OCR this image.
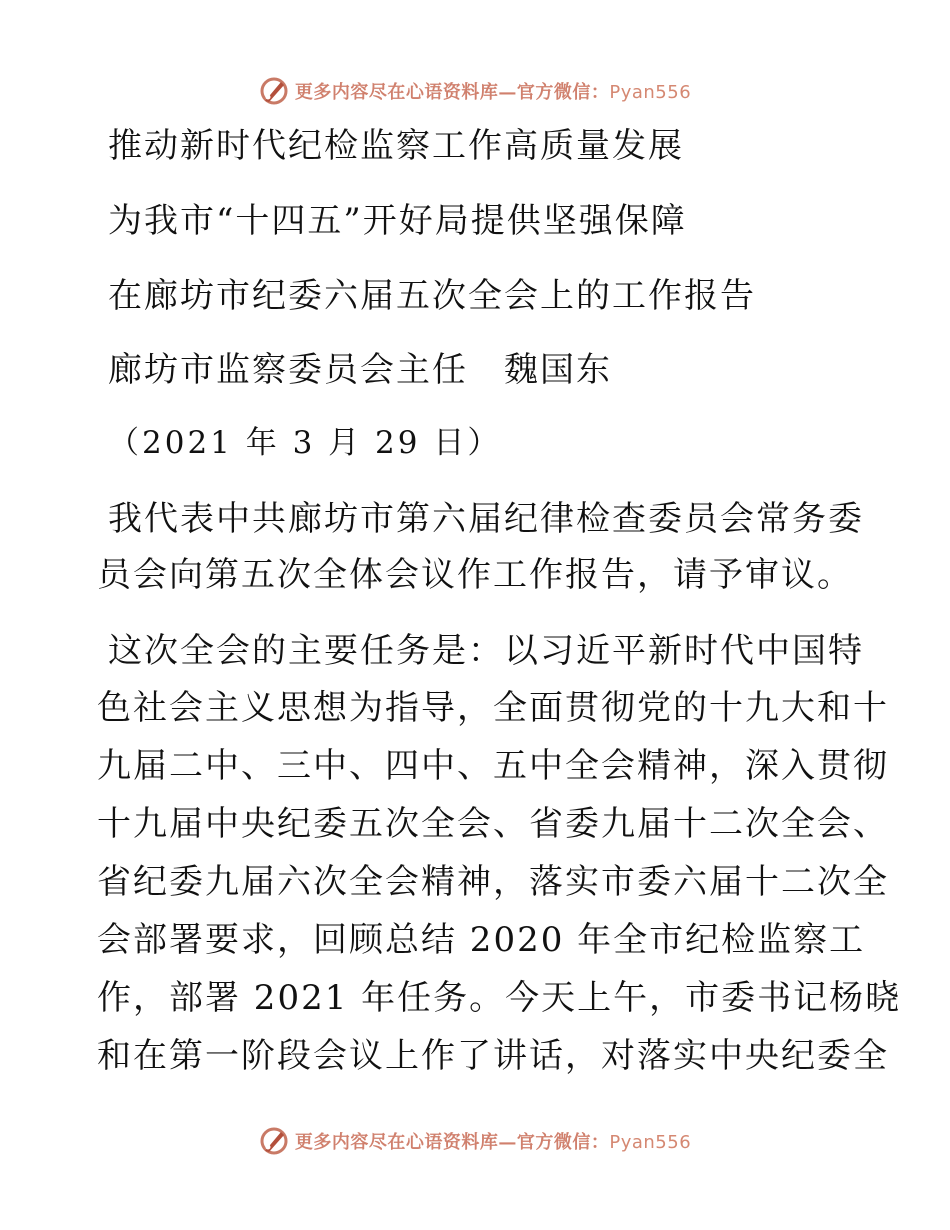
更多内容尽在心语资料库—官方微信：Pyan556
推动新时代纪检监察工作高质量发展
为我市“十四五”开好局提供坚强保障
在廊坊市纪委六届五次全会上的工作报告
廊坊市监察委员会主任　魏国东
（2021 年 3 月 29 日）
我代表中共廊坊市第六届纪律检查委员会常务委
员会向第五次全体会议作工作报告，请予审议。
这次全会的主要任务是：以习近平新时代中国特
色社会主义思想为指导，全面贯彻党的十九大和十
九届二中、三中、四中、五中全会精神，深入贯彻
十九届中央纪委五次全会、省委九届十二次全会、
省纪委九届六次全会精神，落实市委六届十二次全
会部署要求，回顾总结 2020 年全市纪检监察工
作，部署 2021 年任务。今天上午，市委书记杨晓
和在第一阶段会议上作了讲话，对落实中央纪委全
更多内容尽在心语资料库—官方微信：Pyan556
